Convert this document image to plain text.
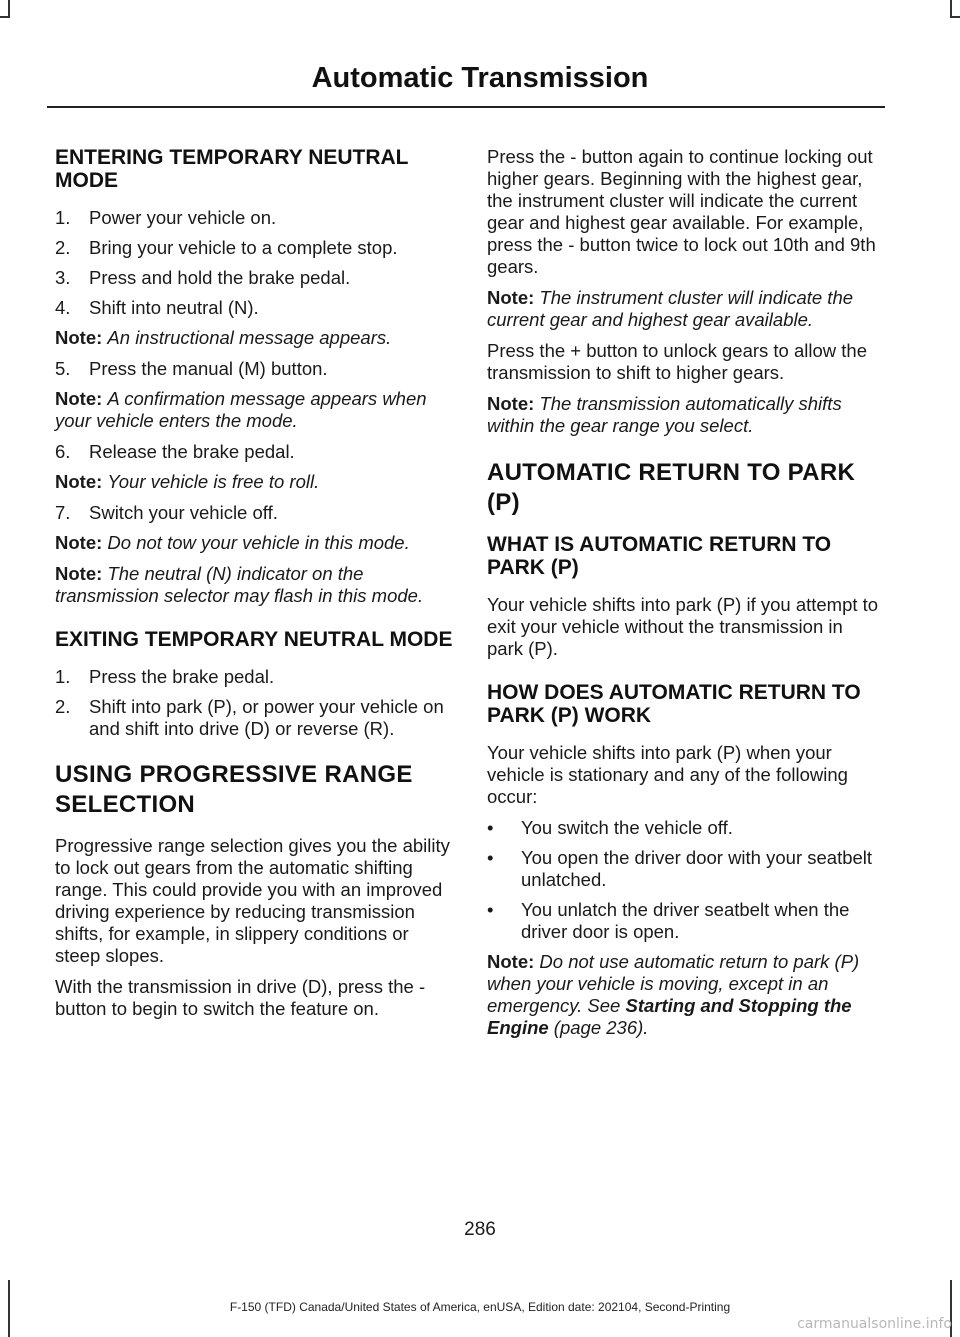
Automatic Transmission
ENTERING TEMPORARY NEUTRAL MODE
1.	Power your vehicle on.
2.	Bring your vehicle to a complete stop.
3.	Press and hold the brake pedal.
4.	Shift into neutral (N).

Note: An instructional message appears.

5.	Press the manual (M) button.

Note: A confirmation message appears when your vehicle enters the mode.

6.	Release the brake pedal.

Note: Your vehicle is free to roll.

7.	Switch your vehicle off.

Note: Do not tow your vehicle in this mode.

Note: The neutral (N) indicator on the transmission selector may flash in this mode.

EXITING TEMPORARY NEUTRAL MODE
1.	Press the brake pedal.
2.	Shift into park (P), or power your vehicle on and shift into drive (D) or reverse (R).
USING PROGRESSIVE RANGE SELECTION

Progressive range selection gives you the ability to lock out gears from the automatic shifting range. This could provide you with an improved driving experience by reducing transmission shifts, for example, in slippery conditions or steep slopes.

With the transmission in drive (D), press the - button to begin to switch the feature on.

Press the - button again to continue locking out higher gears. Beginning with the highest gear, the instrument cluster will indicate the current gear and highest gear available. For example, press the - button twice to lock out 10th and 9th gears.

Note: The instrument cluster will indicate the current gear and highest gear available.

Press the + button to unlock gears to allow the transmission to shift to higher gears.

Note: The transmission automatically shifts within the gear range you select.

AUTOMATIC RETURN TO PARK (P)
WHAT IS AUTOMATIC RETURN TO PARK (P)

Your vehicle shifts into park (P) if you attempt to exit your vehicle without the transmission in park (P).

HOW DOES AUTOMATIC RETURN TO PARK (P) WORK

Your vehicle shifts into park (P) when your vehicle is stationary and any of the following occur:

•	You switch the vehicle off.
•	You open the driver door with your seatbelt unlatched.
•	You unlatch the driver seatbelt when the driver door is open.

Note: Do not use automatic return to park (P) when your vehicle is moving, except in an emergency. See Starting and Stopping the Engine (page 236).

286
F-150 (TFD) Canada/United States of America, enUSA, Edition date: 202104, Second-Printing
carmanualsonline.info
